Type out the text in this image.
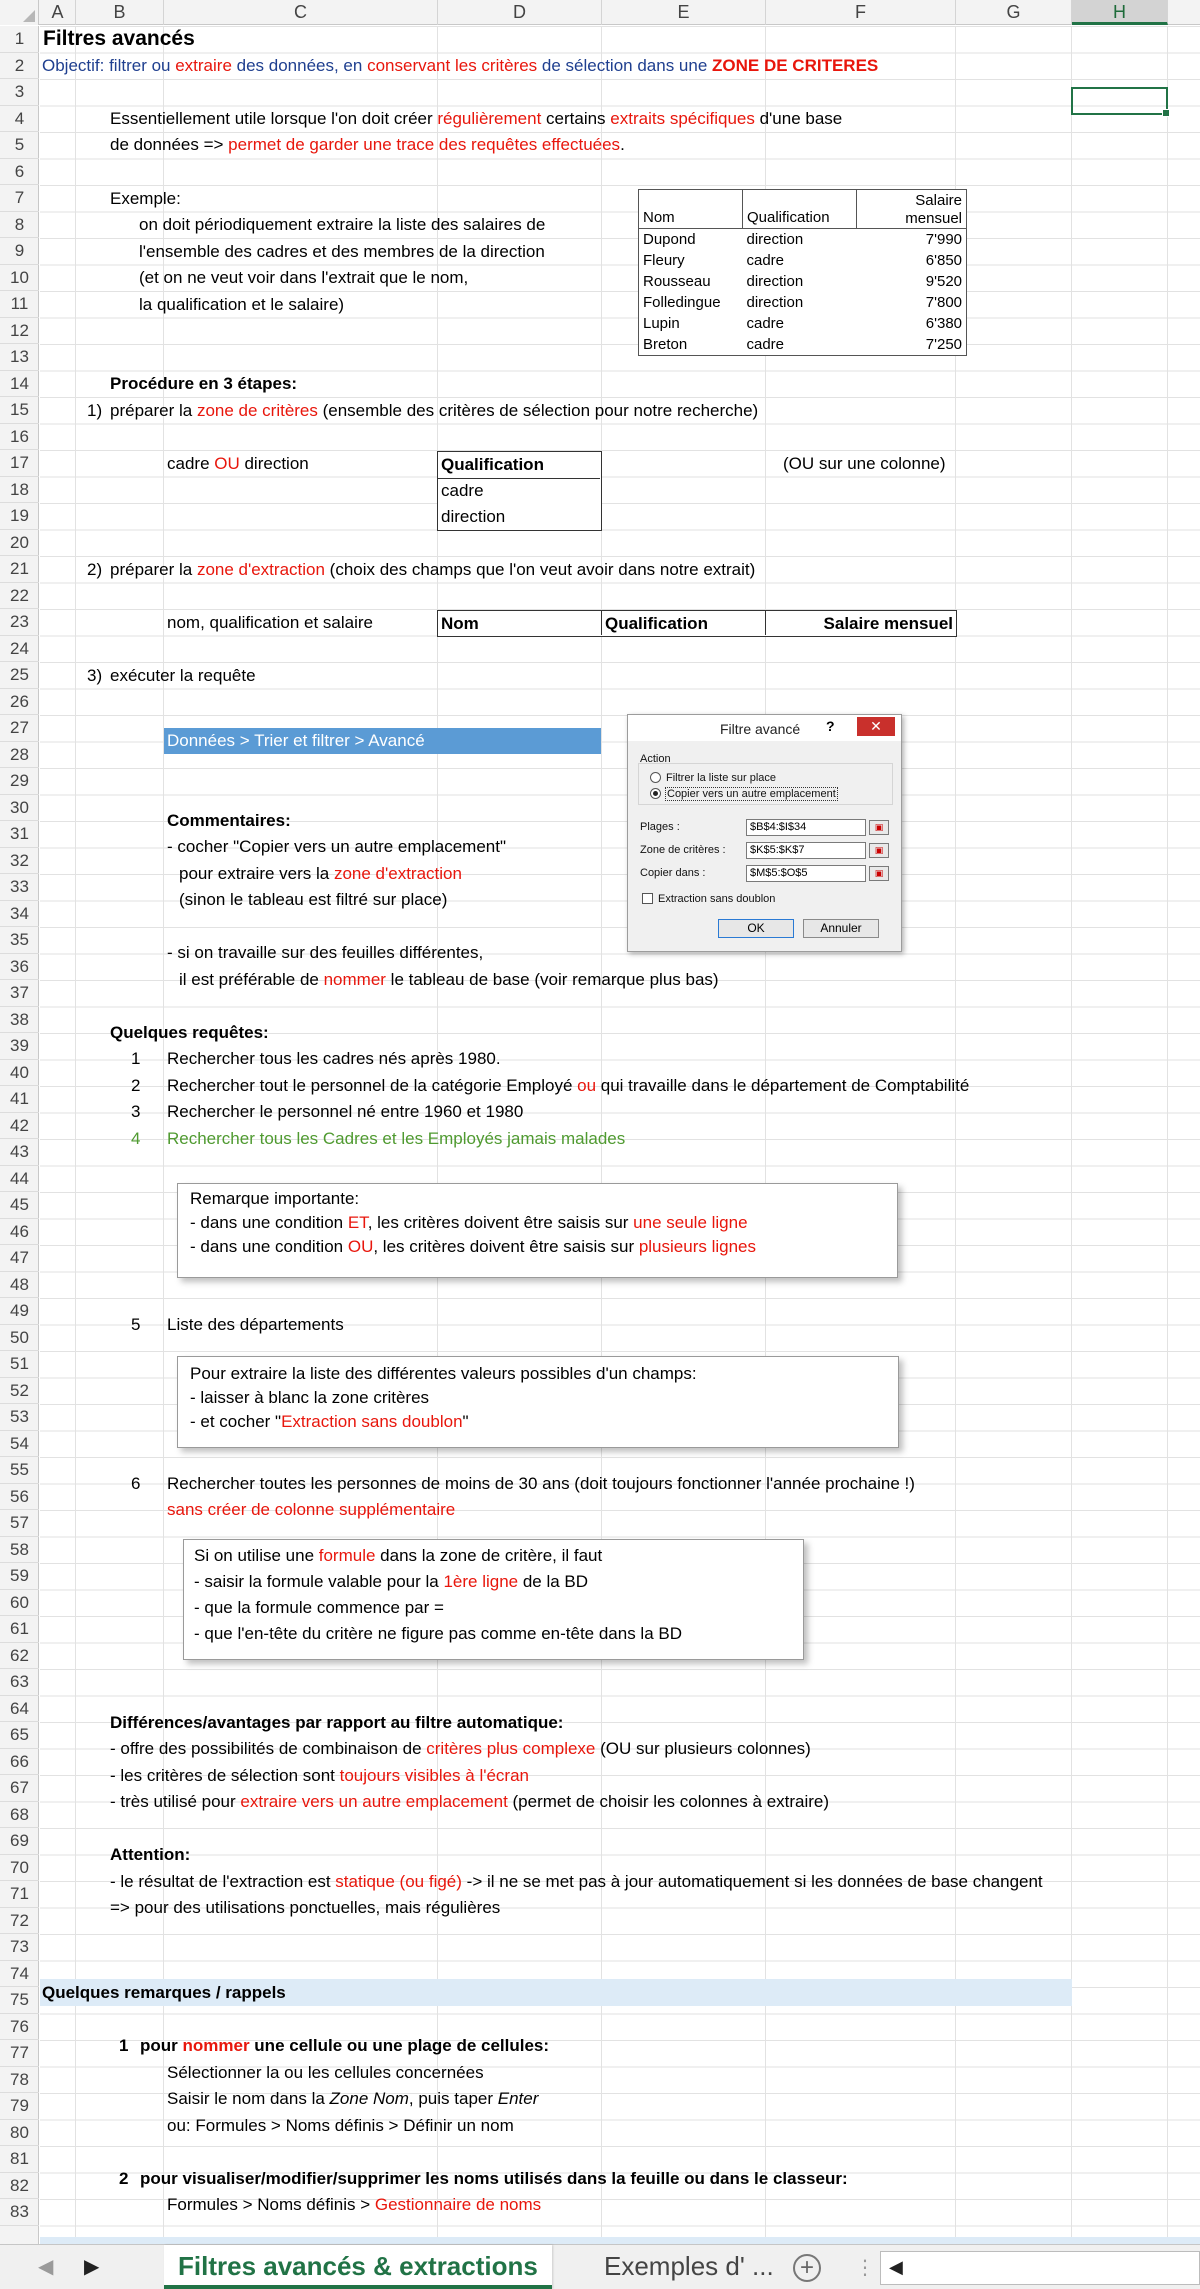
A	B	C	D	E	F	G	H
1
2
3
4
5
6
7
8
9
10
11
12
13
14
15
16
17
18
19
20
21
22
23
24
25
26
27
28
29
30
31
32
33
34
35
36
37
38
39
40
41
42
43
44
45
46
47
48
49
50
51
52
53
54
55
56
57
58
59
60
61
62
63
64
65
66
67
68
69
70
71
72
73
74
75
76
77
78
79
80
81
82
83
Filtres avancés
Objectif: filtrer ou extraire des données, en conservant les critères de sélection dans une ZONE DE CRITERES
Essentiellement utile lorsque l'on doit créer régulièrement certains extraits spécifiques d'une base
de données => permet de garder une trace des requêtes effectuées.
Exemple:
on doit périodiquement extraire la liste des salaires de
l'ensemble des cadres et des membres de la direction
(et on ne veut voir dans l'extrait que le nom,
la qualification et le salaire)
Nom	Qualification	Salaire mensuel
Dupond	direction	7'990
Fleury	cadre	6'850
Rousseau	direction	9'520
Folledingue	direction	7'800
Lupin	cadre	6'380
Breton	cadre	7'250
Procédure en 3 étapes:
1) préparer la zone de critères (ensemble des critères de sélection pour notre recherche)
cadre OU direction	Qualification
cadre
direction
(OU sur une colonne)
2) préparer la zone d'extraction (choix des champs que l'on veut avoir dans notre extrait)
nom, qualification et salaire	Nom	Qualification	Salaire mensuel
3) exécuter la requête
Données > Trier et filtrer > Avancé
Commentaires:
- cocher "Copier vers un autre emplacement"
pour extraire vers la zone d'extraction
(sinon le tableau est filtré sur place)
- si on travaille sur des feuilles différentes,
il est préférable de nommer le tableau de base (voir remarque plus bas)
Filtre avancé ?	✕
Action
Filtrer la liste sur place
Copier vers un autre emplacement
Plages :	$B$4:$I$34	▣
Zone de critères :	$K$5:$K$7	▣
Copier dans :	$M$5:$O$5	▣
Extraction sans doublon
OK	Annuler
Quelques requêtes:
1 Rechercher tous les cadres nés après 1980.
2 Rechercher tout le personnel de la catégorie Employé ou qui travaille dans le département de Comptabilité
3 Rechercher le personnel né entre 1960 et 1980
4 Rechercher tous les Cadres et les Employés jamais malades
Remarque importante:
- dans une condition ET, les critères doivent être saisis sur une seule ligne
- dans une condition OU, les critères doivent être saisis sur plusieurs lignes
5 Liste des départements
Pour extraire la liste des différentes valeurs possibles d'un champs:
- laisser à blanc la zone critères
- et cocher "Extraction sans doublon"
6 Rechercher toutes les personnes de moins de 30 ans (doit toujours fonctionner l'année prochaine !)
sans créer de colonne supplémentaire
Si on utilise une formule dans la zone de critère, il faut
- saisir la formule valable pour la 1ère ligne de la BD
- que la formule commence par =
- que l'en-tête du critère ne figure pas comme en-tête dans la BD
Différences/avantages par rapport au filtre automatique:
- offre des possibilités de combinaison de critères plus complexe (OU sur plusieurs colonnes)
- les critères de sélection sont toujours visibles à l'écran
- très utilisé pour extraire vers un autre emplacement (permet de choisir les colonnes à extraire)
Attention:
- le résultat de l'extraction est statique (ou figé) -> il ne se met pas à jour automatiquement si les données de base changent
=> pour des utilisations ponctuelles, mais régulières
Quelques remarques / rappels
1 pour nommer une cellule ou une plage de cellules:
Sélectionner la ou les cellules concernées
Saisir le nom dans la Zone Nom, puis taper Enter
ou: Formules > Noms définis > Définir un nom
2 pour visualiser/modifier/supprimer les noms utilisés dans la feuille ou dans le classeur:
Formules > Noms définis > Gestionnaire de noms
◀ ▶	Filtres avancés & extractions	Exemples d' ...	+	⋮ ◀
